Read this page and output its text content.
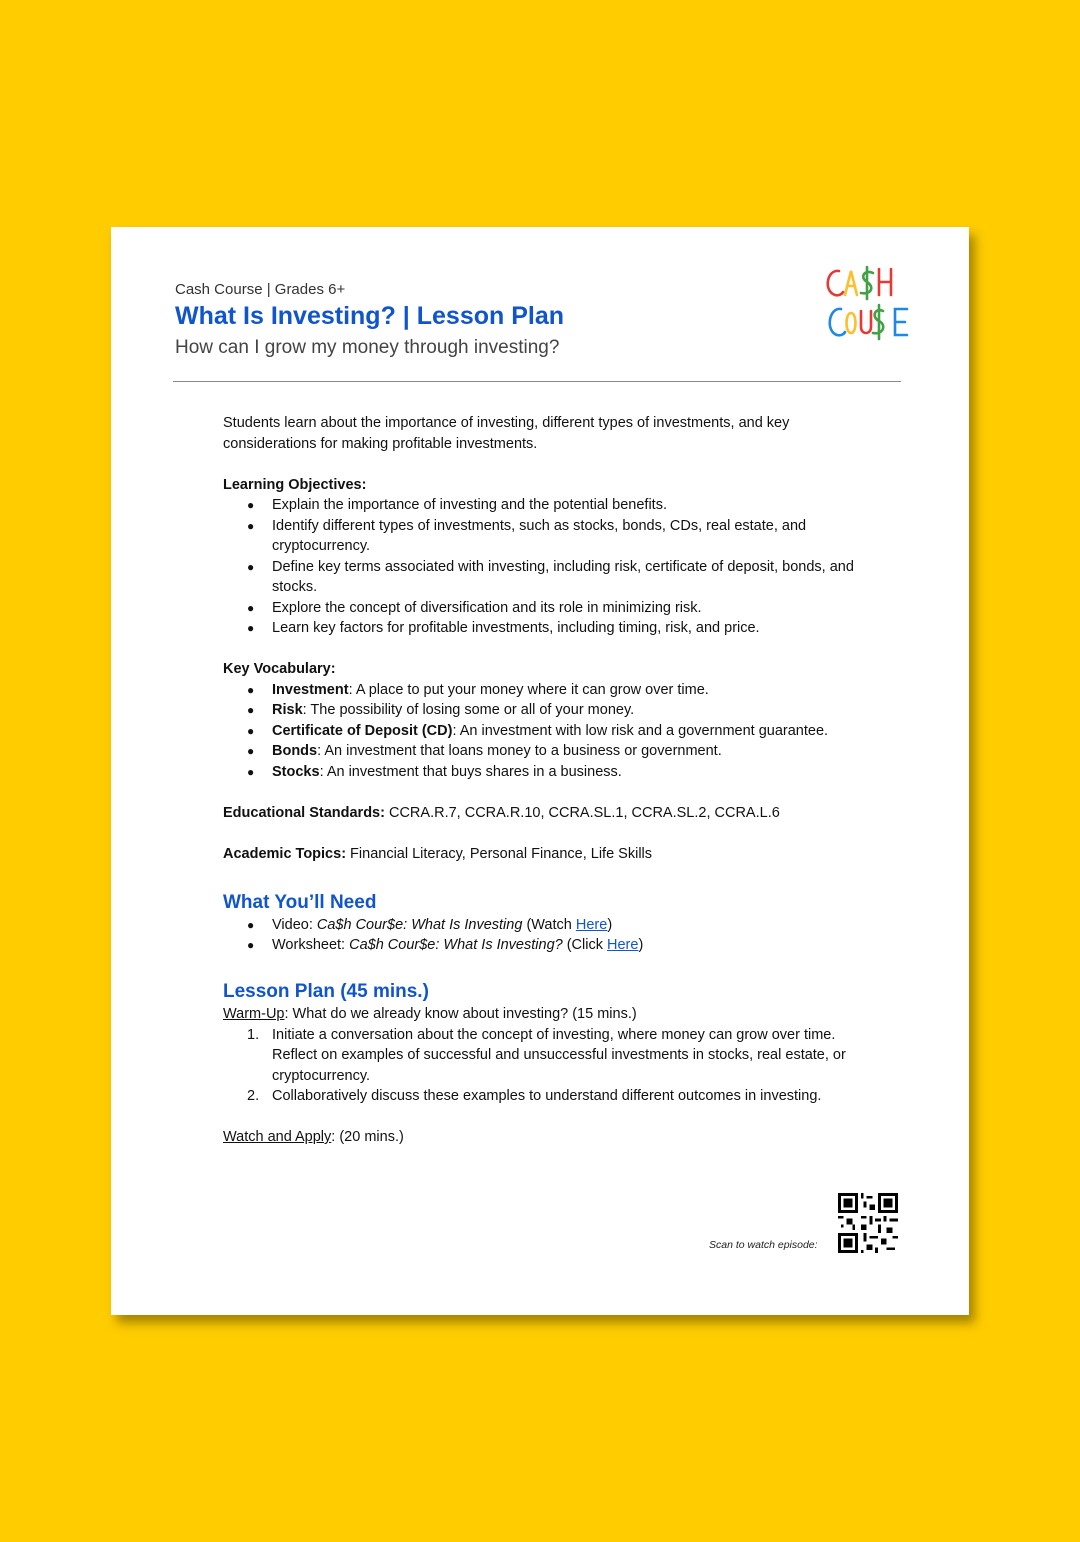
Cash Course | Grades 6+
What Is Investing? | Lesson Plan
How can I grow my money through investing?

Students learn about the importance of investing, different types of investments, and key considerations for making profitable investments.

Learning Objectives:

● Explain the importance of investing and the potential benefits.
● Identify different types of investments, such as stocks, bonds, CDs, real estate, and cryptocurrency.
● Define key terms associated with investing, including risk, certificate of deposit, bonds, and stocks.
● Explore the concept of diversification and its role in minimizing risk.
● Learn key factors for profitable investments, including timing, risk, and price.

Key Vocabulary:

● Investment: A place to put your money where it can grow over time.
● Risk: The possibility of losing some or all of your money.
● Certificate of Deposit (CD): An investment with low risk and a government guarantee.
● Bonds: An investment that loans money to a business or government.
● Stocks: An investment that buys shares in a business.

Educational Standards: CCRA.R.7, CCRA.R.10, CCRA.SL.1, CCRA.SL.2, CCRA.L.6

Academic Topics: Financial Literacy, Personal Finance, Life Skills

What You’ll Need

● Video: Ca$h Cour$e: What Is Investing (Watch Here)
● Worksheet: Ca$h Cour$e: What Is Investing? (Click Here)

Lesson Plan (45 mins.)

Warm-Up: What do we already know about investing? (15 mins.)

1. Initiate a conversation about the concept of investing, where money can grow over time. Reflect on examples of successful and unsuccessful investments in stocks, real estate, or cryptocurrency.
2. Collaboratively discuss these examples to understand different outcomes in investing.

Watch and Apply: (20 mins.)

Scan to watch episode:
